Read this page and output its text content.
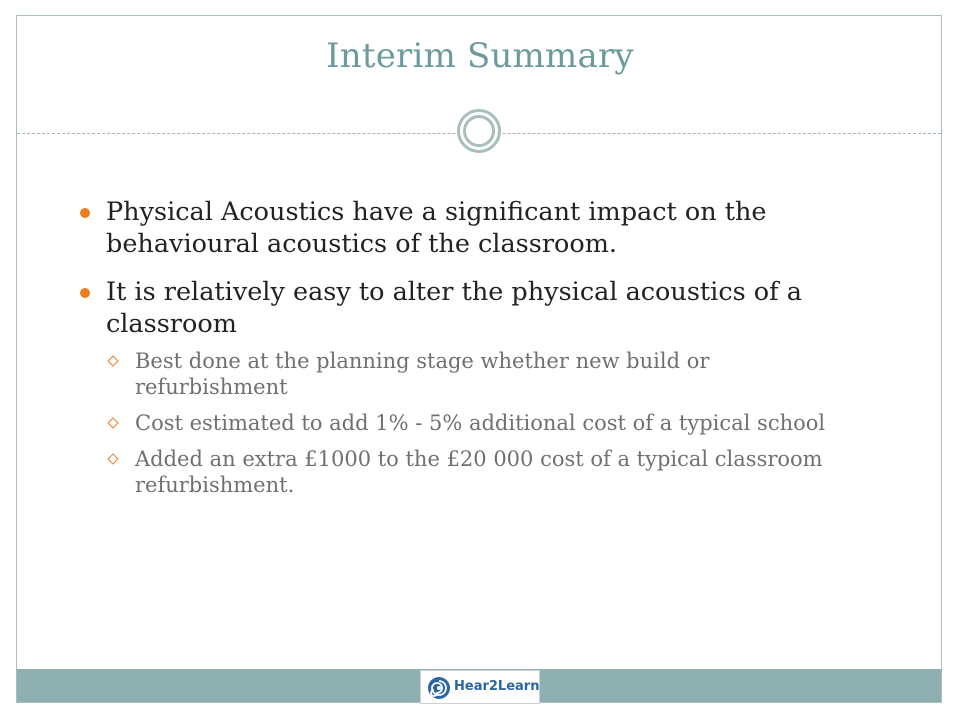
Interim Summary
Physical Acoustics have a significant impact on the behavioural acoustics of the classroom.
It is relatively easy to alter the physical acoustics of a classroom
Best done at the planning stage whether new build or refurbishment
Cost estimated to add 1% - 5% additional cost of a typical school
Added an extra £1000 to the £20 000 cost of a typical classroom refurbishment.
Hear2Learn
